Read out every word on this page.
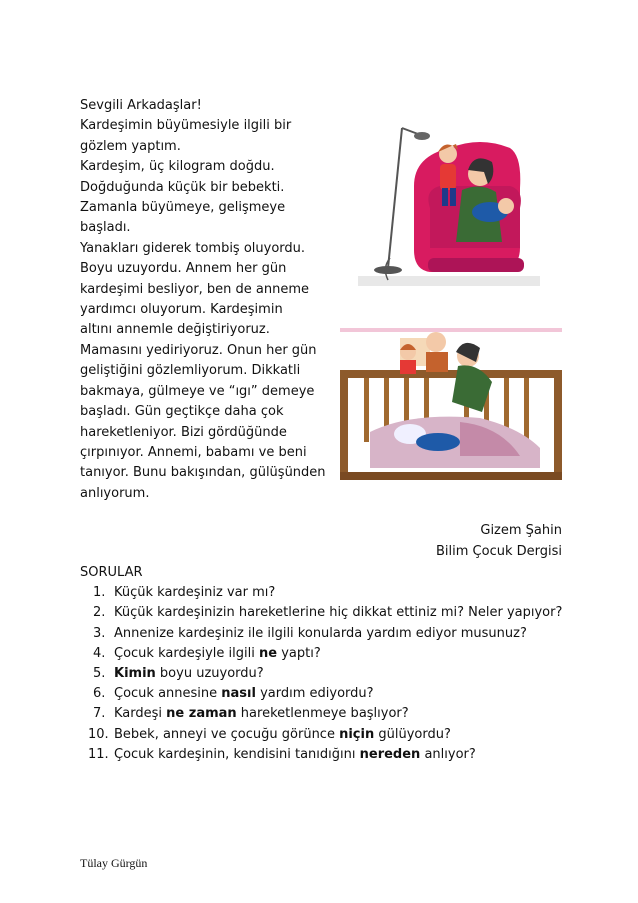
Sevgili Arkadaşlar!

Kardeşimin büyümesiyle ilgili bir

gözlem yaptım.

Kardeşim, üç kilogram doğdu.

Doğduğunda küçük bir bebekti.

Zamanla büyümeye, gelişmeye

başladı.

Yanakları giderek tombiş oluyordu.

Boyu uzuyordu. Annem her gün

kardeşimi besliyor, ben de anneme

yardımcı oluyorum. Kardeşimin

altını annemle değiştiriyoruz.

Mamasını yediriyoruz. Onun her gün

geliştiğini gözlemliyorum. Dikkatli

bakmaya, gülmeye ve “ıgı” demeye

başladı. Gün geçtikçe daha çok

hareketleniyor. Bizi gördüğünde

çırpınıyor. Annemi, babamı ve beni

tanıyor. Bunu bakışından, gülüşünden

anlıyorum.

Gizem Şahin

Bilim Çocuk Dergisi

SORULAR

1. Küçük kardeşiniz var mı?
2. Küçük kardeşinizin hareketlerine hiç dikkat ettiniz mi? Neler yapıyor?
3. Annenize kardeşiniz ile ilgili konularda yardım ediyor musunuz?
4. Çocuk kardeşiyle ilgili ne yaptı?
5. Kimin boyu uzuyordu?
6. Çocuk annesine nasıl yardım ediyordu?
7. Kardeşi ne zaman hareketlenmeye başlıyor?
10. Bebek, anneyi ve çocuğu görünce niçin gülüyordu?
11. Çocuk kardeşinin, kendisini tanıdığını nereden anlıyor?
Tülay Gürgün
